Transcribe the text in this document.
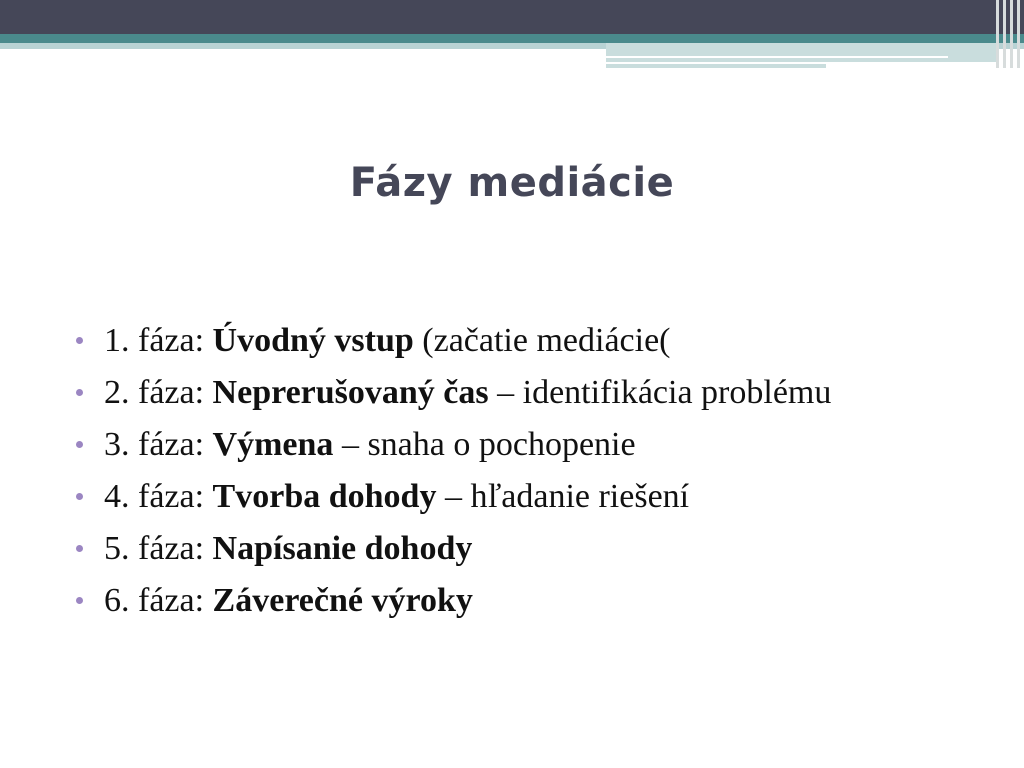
Fázy mediácie
1. fáza: Úvodný vstup (začatie mediácie(
2. fáza: Neprerušovaný čas – identifikácia problému
3. fáza: Výmena – snaha o pochopenie
4. fáza: Tvorba dohody – hľadanie riešení
5. fáza: Napísanie dohody
6. fáza: Záverečné výroky
